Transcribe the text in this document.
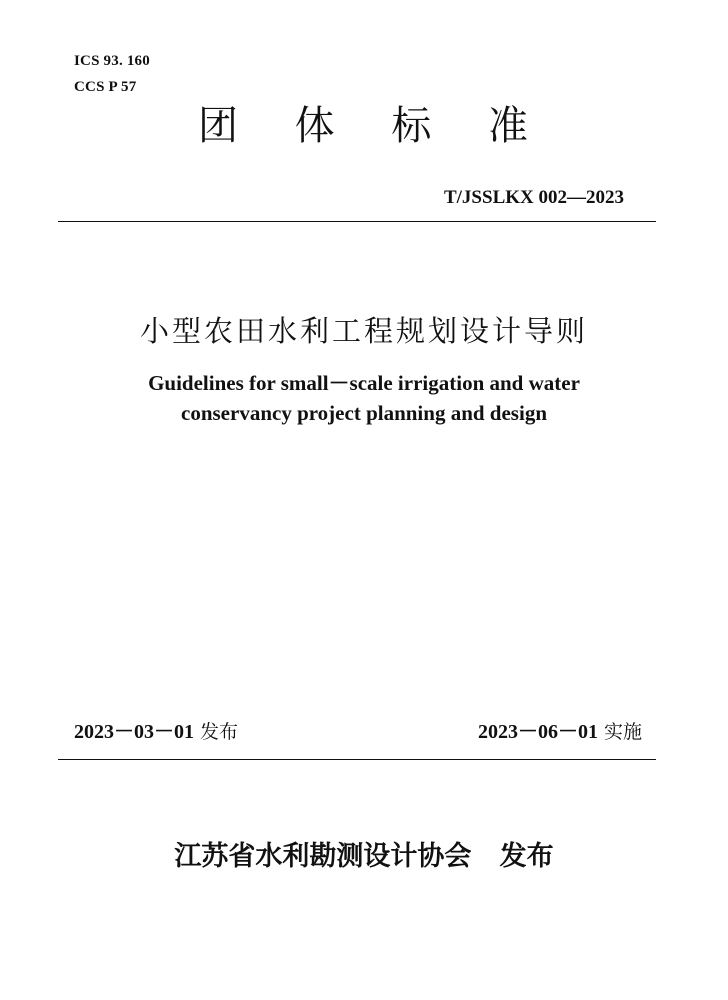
ICS 93. 160
CCS P 57
团 体 标 准
T/JSSLKX 002—2023
小型农田水利工程规划设计导则
Guidelines for small－scale irrigation and water
conservancy project planning and design
2023－03－01 发布	2023－06－01 实施
江苏省水利勘测设计协会   发布
